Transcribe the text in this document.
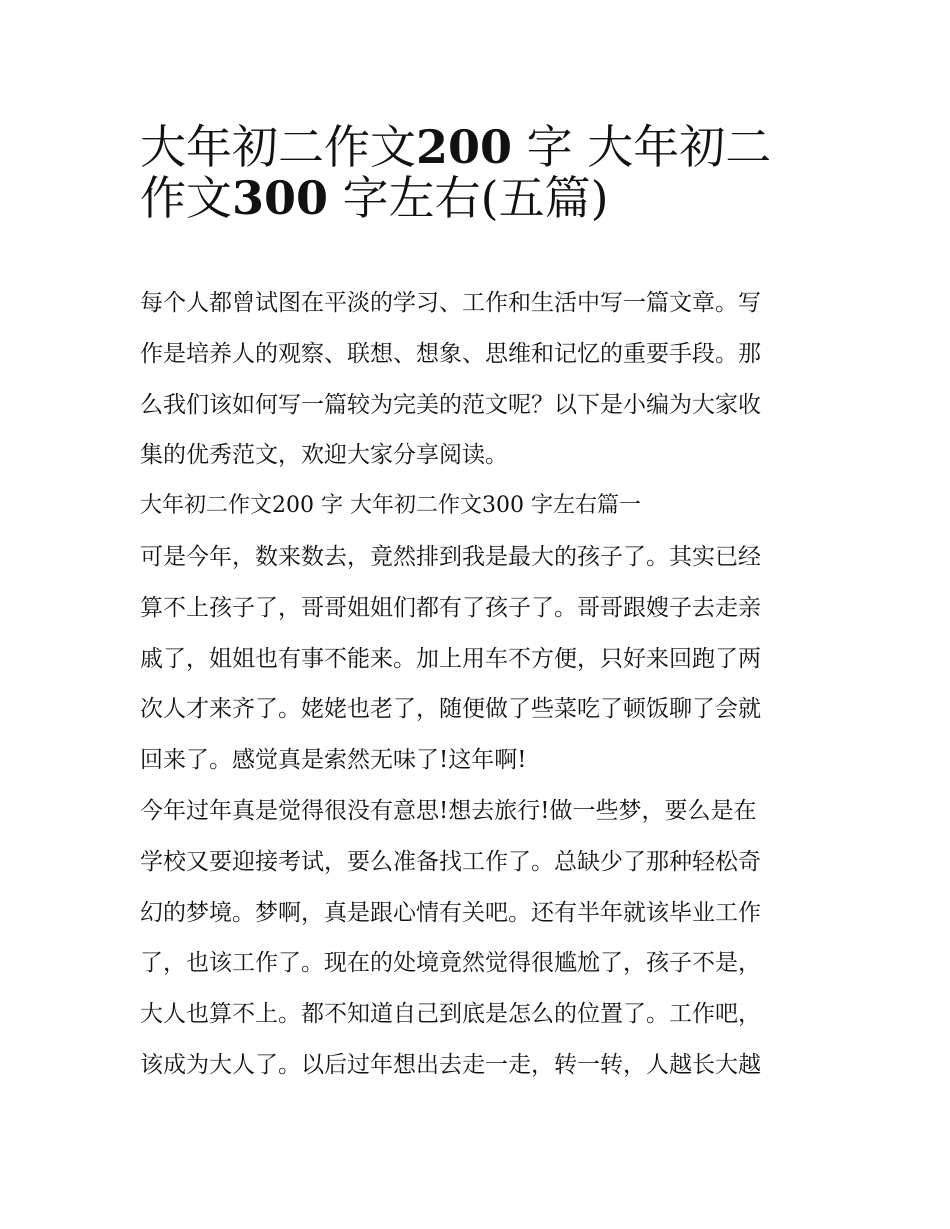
大年初二作文200 字 大年初二
作文300 字左右(五篇)

每个人都曾试图在平淡的学习、工作和生活中写一篇文章。写
作是培养人的观察、联想、想象、思维和记忆的重要手段。那
么我们该如何写一篇较为完美的范文呢？以下是小编为大家收
集的优秀范文，欢迎大家分享阅读。

大年初二作文200 字 大年初二作文300 字左右篇一

可是今年，数来数去，竟然排到我是最大的孩子了。其实已经
算不上孩子了，哥哥姐姐们都有了孩子了。哥哥跟嫂子去走亲
戚了，姐姐也有事不能来。加上用车不方便，只好来回跑了两
次人才来齐了。姥姥也老了，随便做了些菜吃了顿饭聊了会就
回来了。感觉真是索然无味了!这年啊!

今年过年真是觉得很没有意思!想去旅行!做一些梦，要么是在
学校又要迎接考试，要么准备找工作了。总缺少了那种轻松奇
幻的梦境。梦啊，真是跟心情有关吧。还有半年就该毕业工作
了，也该工作了。现在的处境竟然觉得很尴尬了，孩子不是，
大人也算不上。都不知道自己到底是怎么的位置了。工作吧，
该成为大人了。以后过年想出去走一走，转一转，人越长大越
